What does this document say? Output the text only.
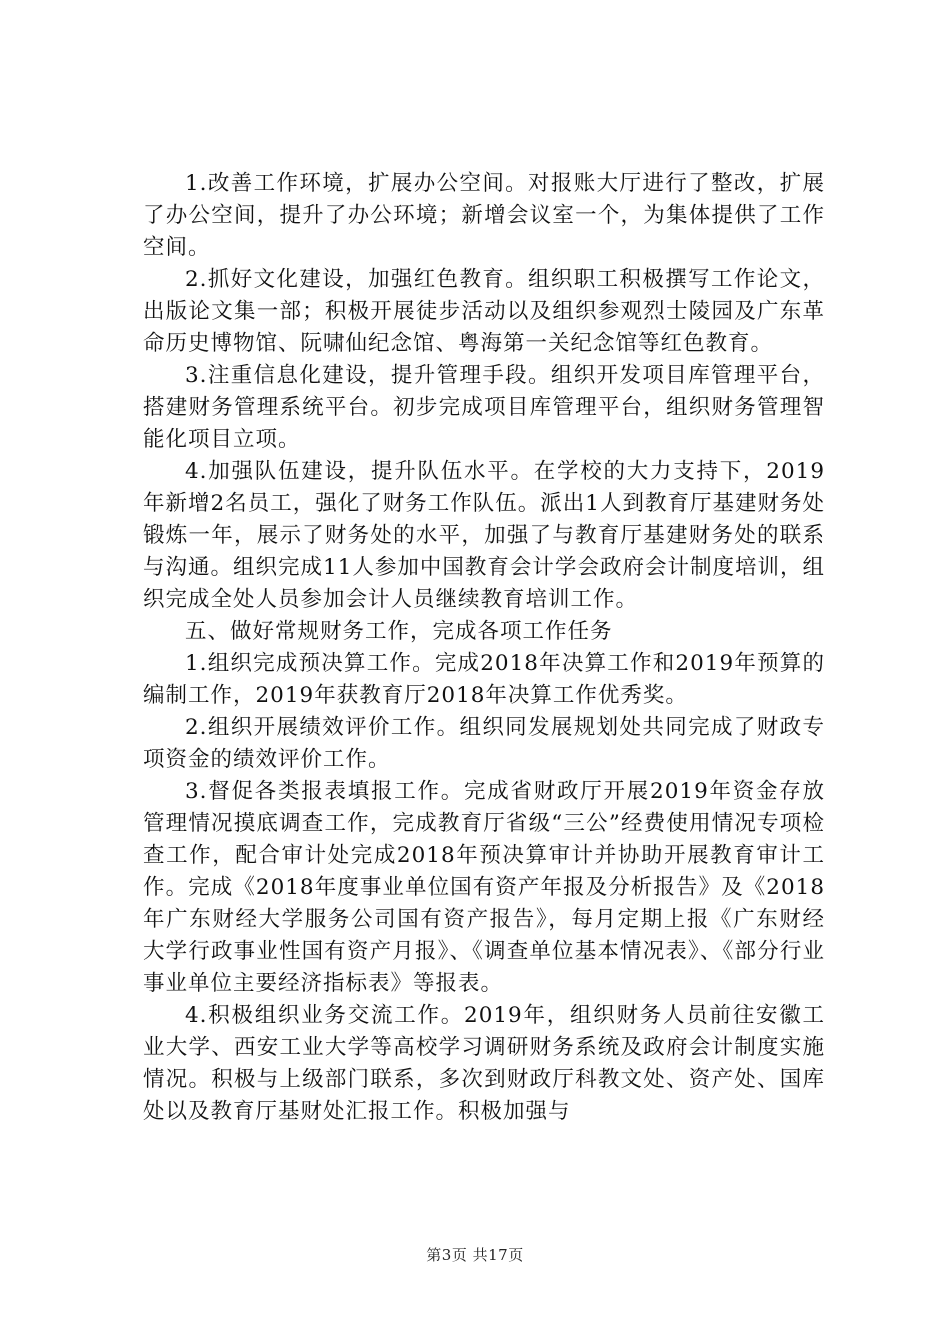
1.改善工作环境，扩展办公空间。对报账大厅进行了整改，扩展了办公空间，提升了办公环境；新增会议室一个，为集体提供了工作空间。

2.抓好文化建设，加强红色教育。组织职工积极撰写工作论文，出版论文集一部；积极开展徒步活动以及组织参观烈士陵园及广东革命历史博物馆、阮啸仙纪念馆、粤海第一关纪念馆等红色教育。

3.注重信息化建设，提升管理手段。组织开发项目库管理平台，搭建财务管理系统平台。初步完成项目库管理平台，组织财务管理智能化项目立项。

4.加强队伍建设，提升队伍水平。在学校的大力支持下，2019年新增2名员工，强化了财务工作队伍。派出1人到教育厅基建财务处锻炼一年，展示了财务处的水平，加强了与教育厅基建财务处的联系与沟通。组织完成11人参加中国教育会计学会政府会计制度培训，组织完成全处人员参加会计人员继续教育培训工作。

五、做好常规财务工作，完成各项工作任务

1.组织完成预决算工作。完成2018年决算工作和2019年预算的编制工作，2019年获教育厅2018年决算工作优秀奖。

2.组织开展绩效评价工作。组织同发展规划处共同完成了财政专项资金的绩效评价工作。

3.督促各类报表填报工作。完成省财政厅开展2019年资金存放管理情况摸底调查工作，完成教育厅省级“三公”经费使用情况专项检查工作，配合审计处完成2018年预决算审计并协助开展教育审计工作。完成《2018年度事业单位国有资产年报及分析报告》及《2018年广东财经大学服务公司国有资产报告》，每月定期上报《广东财经大学行政事业性国有资产月报》、《调查单位基本情况表》、《部分行业事业单位主要经济指标表》等报表。

4.积极组织业务交流工作。2019年，组织财务人员前往安徽工业大学、西安工业大学等高校学习调研财务系统及政府会计制度实施情况。积极与上级部门联系，多次到财政厅科教文处、资产处、国库处以及教育厅基财处汇报工作。积极加强与

第3页 共17页
